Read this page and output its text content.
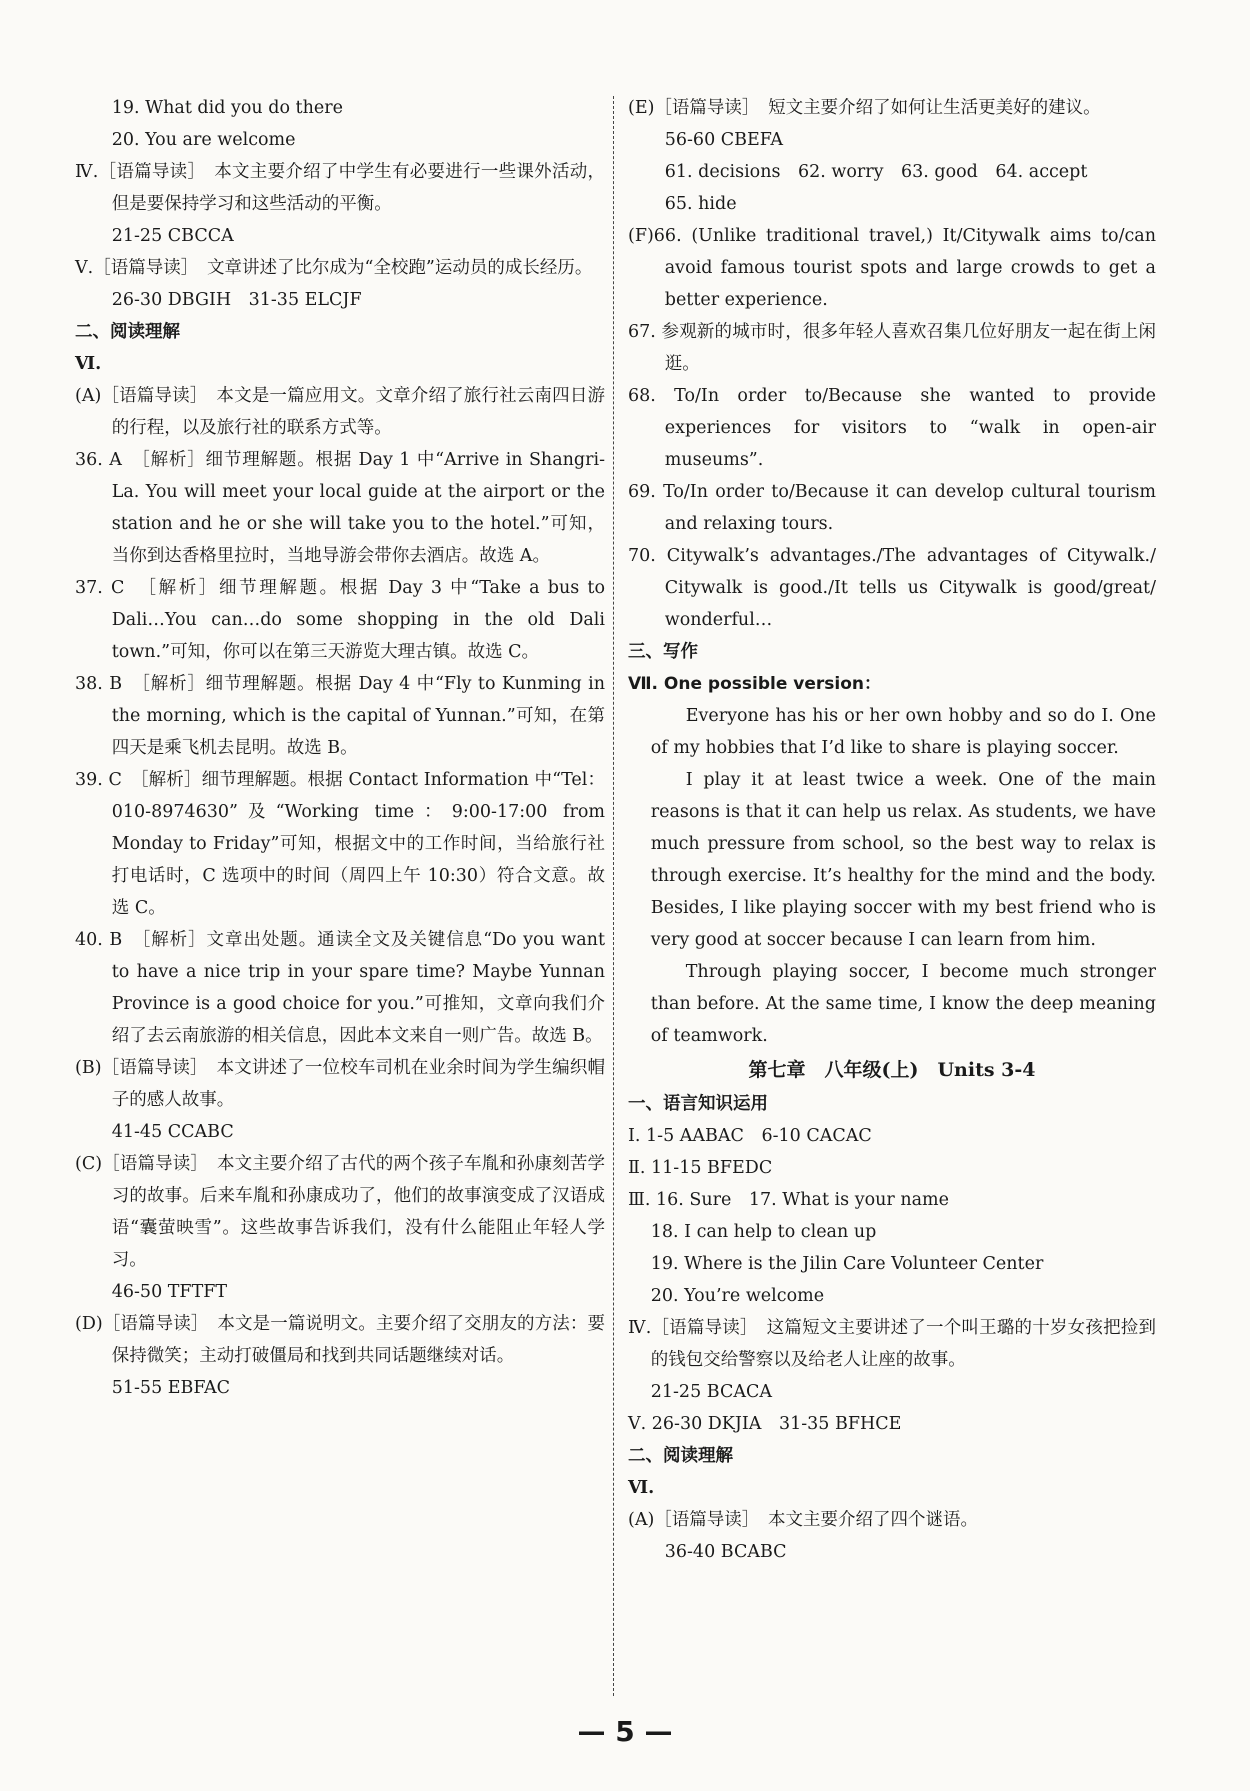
19. What did you do there

20. You are welcome

Ⅳ.［语篇导读］　本文主要介绍了中学生有必要进行一些课外活动，但是要保持学习和这些活动的平衡。

21-25 CBCCA

Ⅴ.［语篇导读］　文章讲述了比尔成为“全校跑”运动员的成长经历。

26-30 DBGIH　31-35 ELCJF

二、阅读理解

Ⅵ.

(A)［语篇导读］　本文是一篇应用文。文章介绍了旅行社云南四日游的行程，以及旅行社的联系方式等。

36. A　［解析］细节理解题。根据 Day 1 中“Arrive in Shangri-La. You will meet your local guide at the airport or the station and he or she will take you to the hotel.”可知，当你到达香格里拉时，当地导游会带你去酒店。故选 A。

37. C　［解析］细节理解题。根据 Day 3 中“Take a bus to Dali…You can…do some shopping in the old Dali town.”可知，你可以在第三天游览大理古镇。故选 C。

38. B　［解析］细节理解题。根据 Day 4 中“Fly to Kunming in the morning, which is the capital of Yunnan.”可知，在第四天是乘飞机去昆明。故选 B。

39. C　［解析］细节理解题。根据 Contact Information 中“Tel：010-8974630”及“Working time：9:00-17:00 from Monday to Friday”可知，根据文中的工作时间，当给旅行社打电话时，C 选项中的时间（周四上午 10:30）符合文意。故选 C。

40. B　［解析］文章出处题。通读全文及关键信息“Do you want to have a nice trip in your spare time? Maybe Yunnan Province is a good choice for you.”可推知，文章向我们介绍了去云南旅游的相关信息，因此本文来自一则广告。故选 B。

(B)［语篇导读］　本文讲述了一位校车司机在业余时间为学生编织帽子的感人故事。

41-45 CCABC

(C)［语篇导读］　本文主要介绍了古代的两个孩子车胤和孙康刻苦学习的故事。后来车胤和孙康成功了，他们的故事演变成了汉语成语“囊萤映雪”。这些故事告诉我们，没有什么能阻止年轻人学习。

46-50 TFTFT

(D)［语篇导读］　本文是一篇说明文。主要介绍了交朋友的方法：要保持微笑；主动打破僵局和找到共同话题继续对话。

51-55 EBFAC

(E)［语篇导读］　短文主要介绍了如何让生活更美好的建议。

56-60 CBEFA

61. decisions　62. worry　63. good　64. accept

65. hide

(F)66. (Unlike traditional travel,) It/Citywalk aims to/can avoid famous tourist spots and large crowds to get a better experience.

67. 参观新的城市时，很多年轻人喜欢召集几位好朋友一起在街上闲逛。

68. To/In order to/Because she wanted to provide experiences for visitors to “walk in open-air museums”.

69. To/In order to/Because it can develop cultural tourism and relaxing tours.

70. Citywalk’s advantages./The advantages of Citywalk./ Citywalk is good./It tells us Citywalk is good/great/ wonderful…

三、写作

Ⅶ. One possible version：

Everyone has his or her own hobby and so do I. One of my hobbies that I’d like to share is playing soccer.

I play it at least twice a week. One of the main reasons is that it can help us relax. As students, we have much pressure from school, so the best way to relax is through exercise. It’s healthy for the mind and the body. Besides, I like playing soccer with my best friend who is very good at soccer because I can learn from him.

Through playing soccer, I become much stronger than before. At the same time, I know the deep meaning of teamwork.

第七章　八年级(上)　Units 3-4

一、语言知识运用

Ⅰ. 1-5 AABAC　6-10 CACAC

Ⅱ. 11-15 BFEDC

Ⅲ. 16. Sure　17. What is your name

18. I can help to clean up

19. Where is the Jilin Care Volunteer Center

20. You’re welcome

Ⅳ.［语篇导读］　这篇短文主要讲述了一个叫王璐的十岁女孩把捡到的钱包交给警察以及给老人让座的故事。

21-25 BCACA

Ⅴ. 26-30 DKJIA　31-35 BFHCE

二、阅读理解

Ⅵ.

(A)［语篇导读］　本文主要介绍了四个谜语。

36-40 BCABC

— 5 —
